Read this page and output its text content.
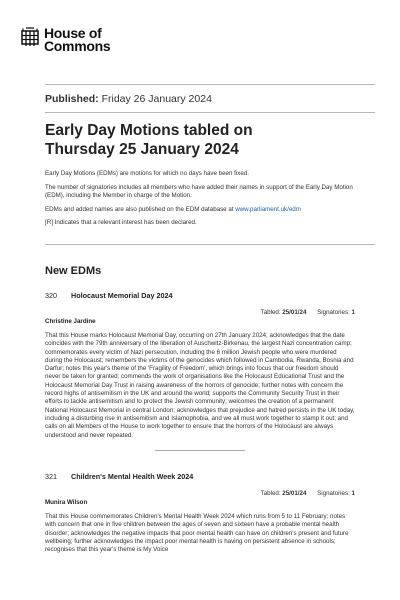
House of
Commons
Published: Friday 26 January 2024
Early Day Motions tabled on
Thursday 25 January 2024

Early Day Motions (EDMs) are motions for which no days have been fixed.

The number of signatories includes all members who have added their names in support of the Early Day Motion (EDM), including the Member in charge of the Motion.

EDMs and added names are also published on the EDM database at www.parliament.uk/edm

[R] Indicates that a relevant interest has been declared.

New EDMs
320 Holocaust Memorial Day 2024
Tabled: 25/01/24 Signatories: 1
Christine Jardine
That this House marks Holocaust Memorial Day, occurring on 27th January 2024; acknowledges that the date coincides with the 79th anniversary of the liberation of Auschwitz-Birkenau, the largest Nazi concentration camp; commemorates every victim of Nazi persecution, including the 6 million Jewish people who were murdered during the Holocaust; remembers the victims of the genocides which followed in Cambodia, Rwanda, Bosnia and Darfur; notes this year's theme of the 'Fragility of Freedom', which brings into focus that our freedom should never be taken for granted; commends the work of organisations like the Holocaust Educational Trust and the Holocaust Memorial Day Trust in raising awareness of the horrors of genocide; further notes with concern the record highs of antisemitism in the UK and around the world; supports the Community Security Trust in their efforts to tackle antisemitism and to protect the Jewish community; welcomes the creation of a permanent National Holocaust Memorial in central London; acknowledges that prejudice and hatred persists in the UK today, including a disturbing rise in antisemitism and Islamophobia, and we all must work together to stamp it out; and calls on all Members of the House to work together to ensure that the horrors of the Holocaust are always understood and never repeated.
321 Children's Mental Health Week 2024
Tabled: 25/01/24 Signatories: 1
Munira Wilson
That this House commemorates Children's Mental Health Week 2024 which runs from 5 to 11 February; notes with concern that one in five children between the ages of seven and sixteen have a probable mental health disorder; acknowledges the negative impacts that poor mental health can have on children's present and future wellbeing; further acknowledges the impact poor mental health is having on persistent absence in schools; recognises that this year's theme is My Voice
